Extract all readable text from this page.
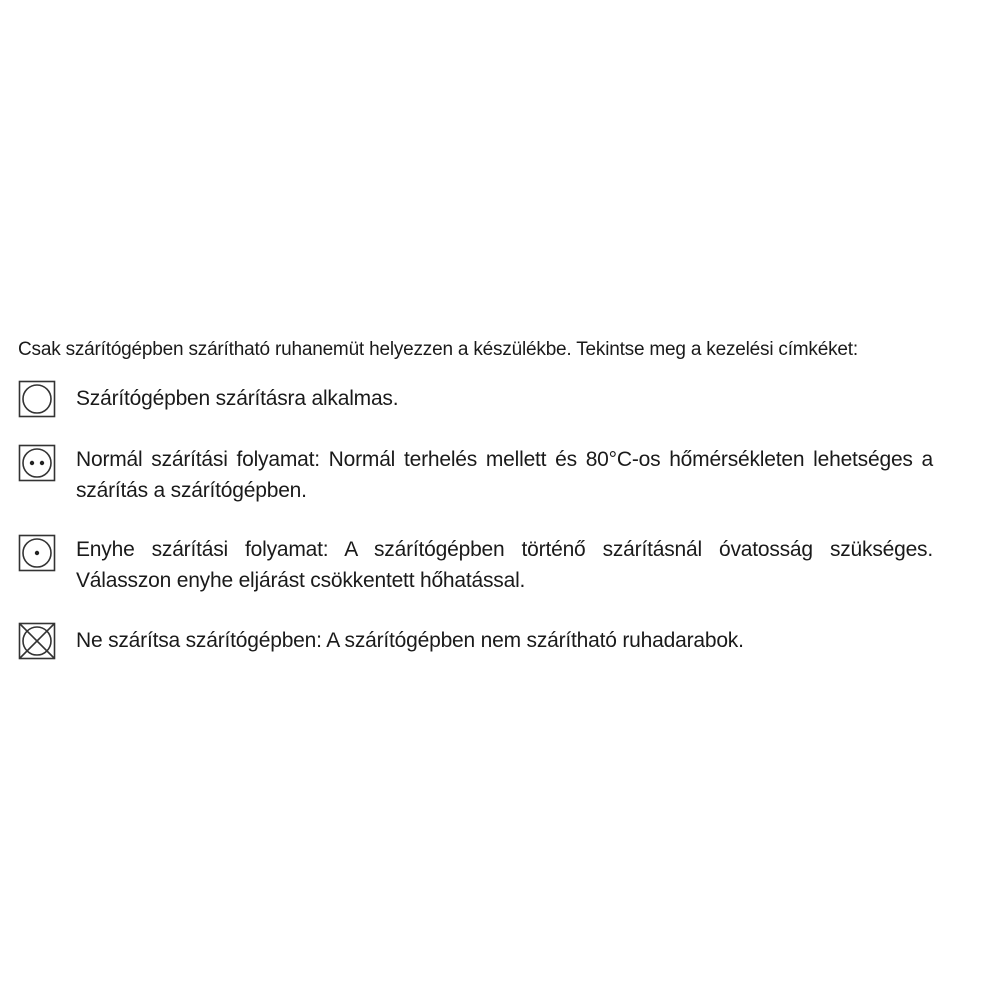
Csak szárítógépben szárítható ruhanemüt helyezzen a készülékbe. Tekintse meg a kezelési címkéket:

Szárítógépben szárításra alkalmas.
Normál szárítási folyamat: Normál terhelés mellett és 80°C-os hőmérsékleten lehetséges a szárítás a szárítógépben.
Enyhe szárítási folyamat: A szárítógépben történő szárításnál óvatosság szükséges. Válasszon enyhe eljárást csökkentett hőhatással.
Ne szárítsa szárítógépben: A szárítógépben nem szárítható ruhadarabok.
